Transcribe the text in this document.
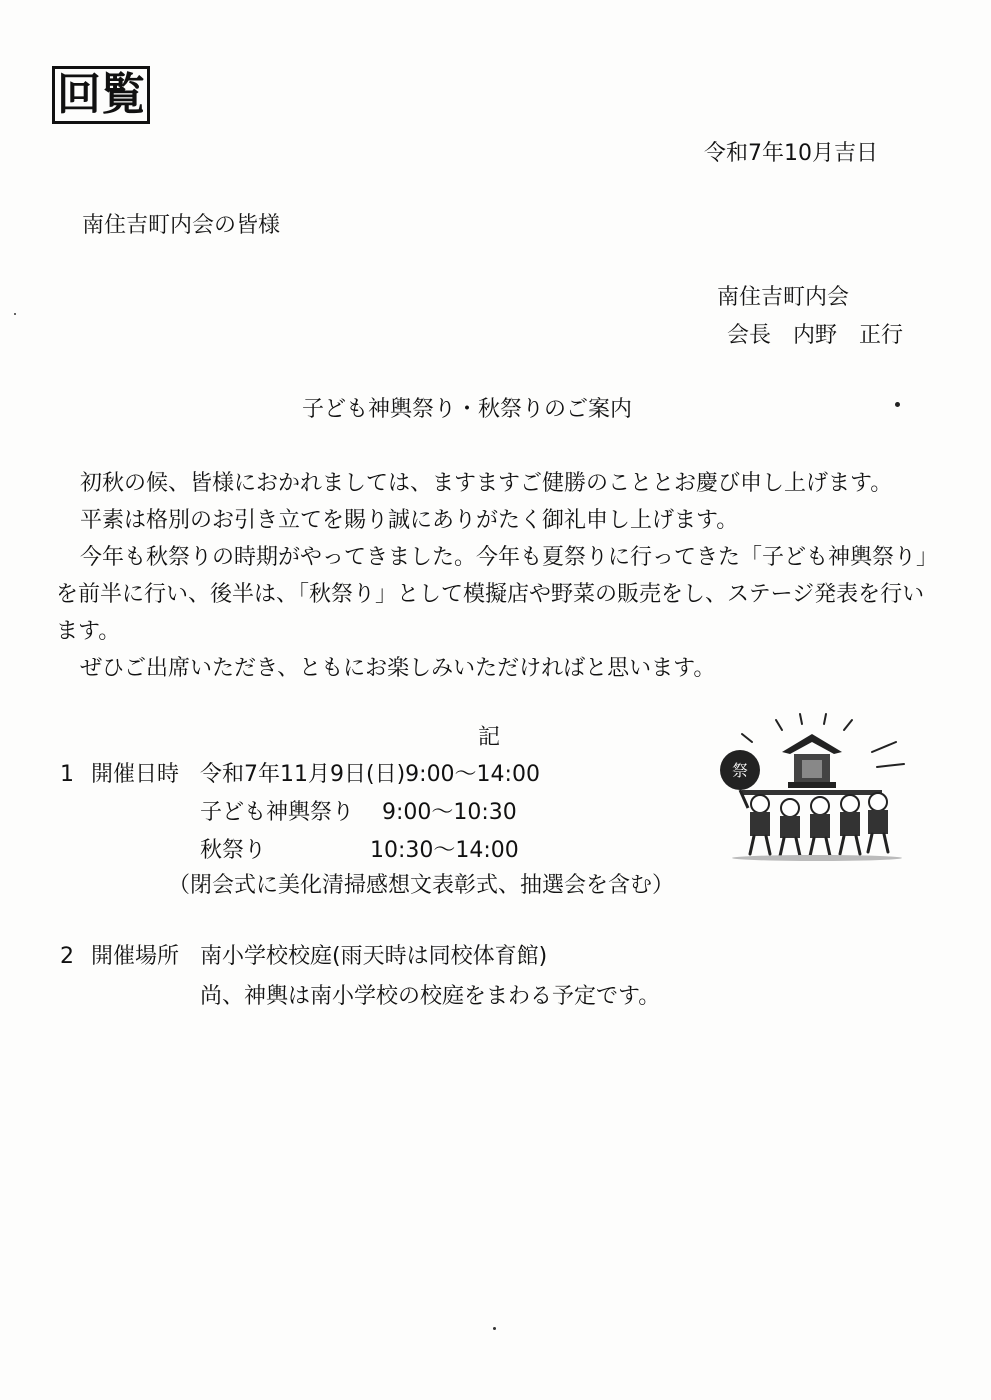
回覧
令和7年10月吉日
南住吉町内会の皆様
南住吉町内会
会長　内野　正行
子ども神輿祭り・秋祭りのご案内

初秋の候、皆様におかれましては、ますますご健勝のこととお慶び申し上げます。

平素は格別のお引き立てを賜り誠にありがたく御礼申し上げます。

今年も秋祭りの時期がやってきました。今年も夏祭りに行ってきた「子ども神輿祭り」を前半に行い、後半は、「秋祭り」として模擬店や野菜の販売をし、ステージ発表を行います。

ぜひご出席いただき、ともにお楽しみいただければと思います。

記
1 開催日時 令和7年11月9日(日)9:00～14:00
子ども神輿祭り 9:00～10:30
秋祭り	10:30～14:00
（閉会式に美化清掃感想文表彰式、抽選会を含む）
2 開催場所 南小学校校庭(雨天時は同校体育館)
尚、神輿は南小学校の校庭をまわる予定です。
祭
